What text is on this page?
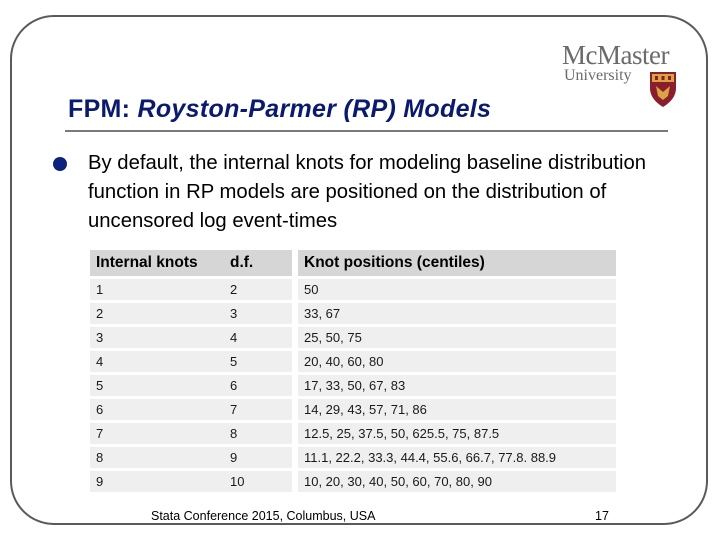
McMaster
University
FPM: Royston-Parmer (RP) Models
By default, the internal knots for modeling baseline distribution function in RP models are positioned on the distribution of uncensored log event-times
Internal knots	d.f.		Knot positions (centiles)
1	2		50
2	3		33, 67
3	4		25, 50, 75
4	5		20, 40, 60, 80
5	6		17, 33, 50, 67, 83
6	7		14, 29, 43, 57, 71, 86
7	8		12.5, 25, 37.5, 50, 625.5, 75, 87.5
8	9		11.1, 22.2, 33.3, 44.4, 55.6, 66.7, 77.8. 88.9
9	10		10, 20, 30, 40, 50, 60, 70, 80, 90
Stata Conference 2015, Columbus, USA	17
